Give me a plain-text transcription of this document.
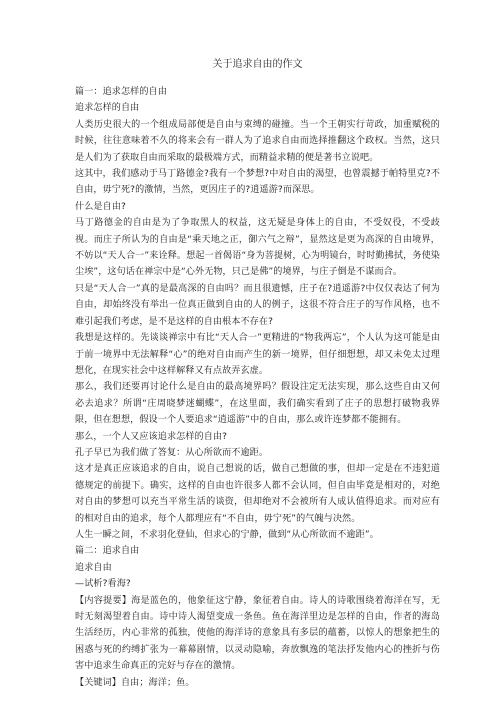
关于追求自由的作文

篇一：追求怎样的自由

追求怎样的自由

人类历史很大的一个组成局部便是自由与束缚的碰撞。当一个王朝实行苛政，加重赋税的时候，往往意味着不久的将来会有一群人为了追求自由而选择推翻这个政权。当然，这只是人们为了获取自由而采取的最极端方式，而精益求精的便是著书立说吧。

这其中，我们感动于马丁路德金?我有一个梦想?中对自由的渴望，也曾震撼于帕特里克?不自由，毋宁死?的激情，当然，更因庄子的?逍遥游?而深思。

什么是自由?

马丁路德金的自由是为了争取黑人的权益，这无疑是身体上的自由，不受奴役，不受歧视。而庄子所认为的自由是“乘天地之正，御六气之辩”，显然这是更为高深的自由境界，不妨以“天人合一”来诠释。想起一首偈语“身为菩提树，心为明镜台，时时勤拂拭，务使染尘埃”，这句话在禅宗中是“心外无物，只己是佛”的境界，与庄子倒是不谋而合。

只是“天人合一”真的是最高深的自由吗？而且很遗憾，庄子在?逍遥游?中仅仅表达了何为自由，却始终没有举出一位真正做到自由的人的例子，这很不符合庄子的写作风格，也不难引起我们考虑，是不是这样的自由根本不存在?

我想是这样的。先谈谈禅宗中有比“天人合一”更精进的“物我两忘”，个人认为这可能是由于前一境界中无法解释“心”的绝对自由而产生的新一境界，但仔细想想，却又未免太过理想化，在现实社会中这样解释又有点故弄玄虚。

那么，我们还要再讨论什么是自由的最高境界吗？假设注定无法实现，那么这些自由又何必去追求？所谓“庄周晓梦迷蝴蝶”，在这里面，我们确实看到了庄子的思想打破物我界限，但在想想，假设一个人要追求“逍遥游”中的自由，那么或许连梦都不能拥有。

那么，一个人又应该追求怎样的自由?

孔子早已为我们做了答复：从心所欲而不逾距。

这才是真正应该追求的自由，说自己想说的话，做自己想做的事，但却一定是在不违犯道德规定的前提下。确实，这样的自由也许很多人都不会认同，但自由毕竟是相对的，对绝对自由的梦想可以充当平常生活的谈资，但却绝对不会被所有人成认值得追求。而对应有的相对自由的追求，每个人都理应有“不自由，毋宁死”的气魄与决然。

人生一瞬之间，不求羽化登仙，但求心的宁静，做到“从心所欲而不逾距”。

篇二：追求自由

追求自由

—试析?看海?

【内容提要】海是蓝色的，他象征这宁静，象征着自由。诗人的诗歌围绕着海洋在写，无时无刻渴望着自由。诗中诗人渴望变成一条鱼。鱼在海洋里边是怎样的自由，作者的海岛生活经历，内心非常的孤独，使他的海洋诗的意象具有多层的蕴蓄，以惊人的想象把生的困惑与死的约缚扩张为一幕幕剧情，以灵动隐喻，奔放飘逸的笔法抒发他内心的挫折与伤害中追求生命真正的完好与存在的激情。

【关键词】自由；海洋；鱼。
